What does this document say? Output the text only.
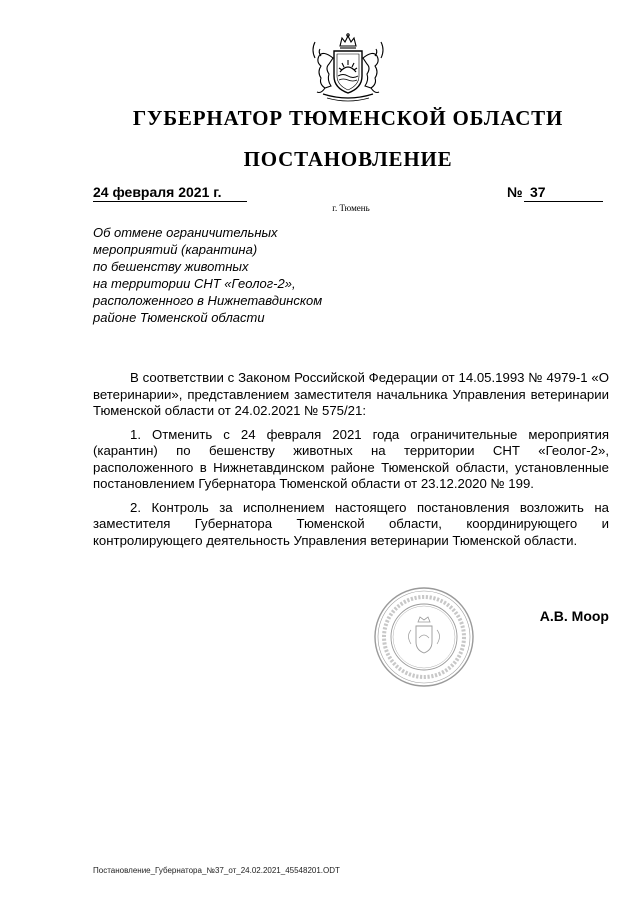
ГУБЕРНАТОР ТЮМЕНСКОЙ ОБЛАСТИ
ПОСТАНОВЛЕНИЕ
24 февраля 2021 г.	№ 37
г. Тюмень
Об отмене ограничительных
мероприятий (карантина)
по бешенству животных
на территории СНТ «Геолог-2»,
расположенного в Нижнетавдинском
районе Тюменской области

В соответствии с Законом Российской Федерации от 14.05.1993 № 4979-1 «О ветеринарии», представлением заместителя начальника Управления ветеринарии Тюменской области от 24.02.2021 № 575/21:

1. Отменить с 24 февраля 2021 года ограничительные мероприятия (карантин) по бешенству животных на территории СНТ «Геолог-2», расположенного в Нижнетавдинском районе Тюменской области, установленные постановлением Губернатора Тюменской области от 23.12.2020 № 199.

2. Контроль за исполнением настоящего постановления возложить на заместителя Губернатора Тюменской области, координирующего и контролирующего деятельность Управления ветеринарии Тюменской области.

А.В. Моор
Постановление_Губернатора_№37_от_24.02.2021_45548201.ODT
